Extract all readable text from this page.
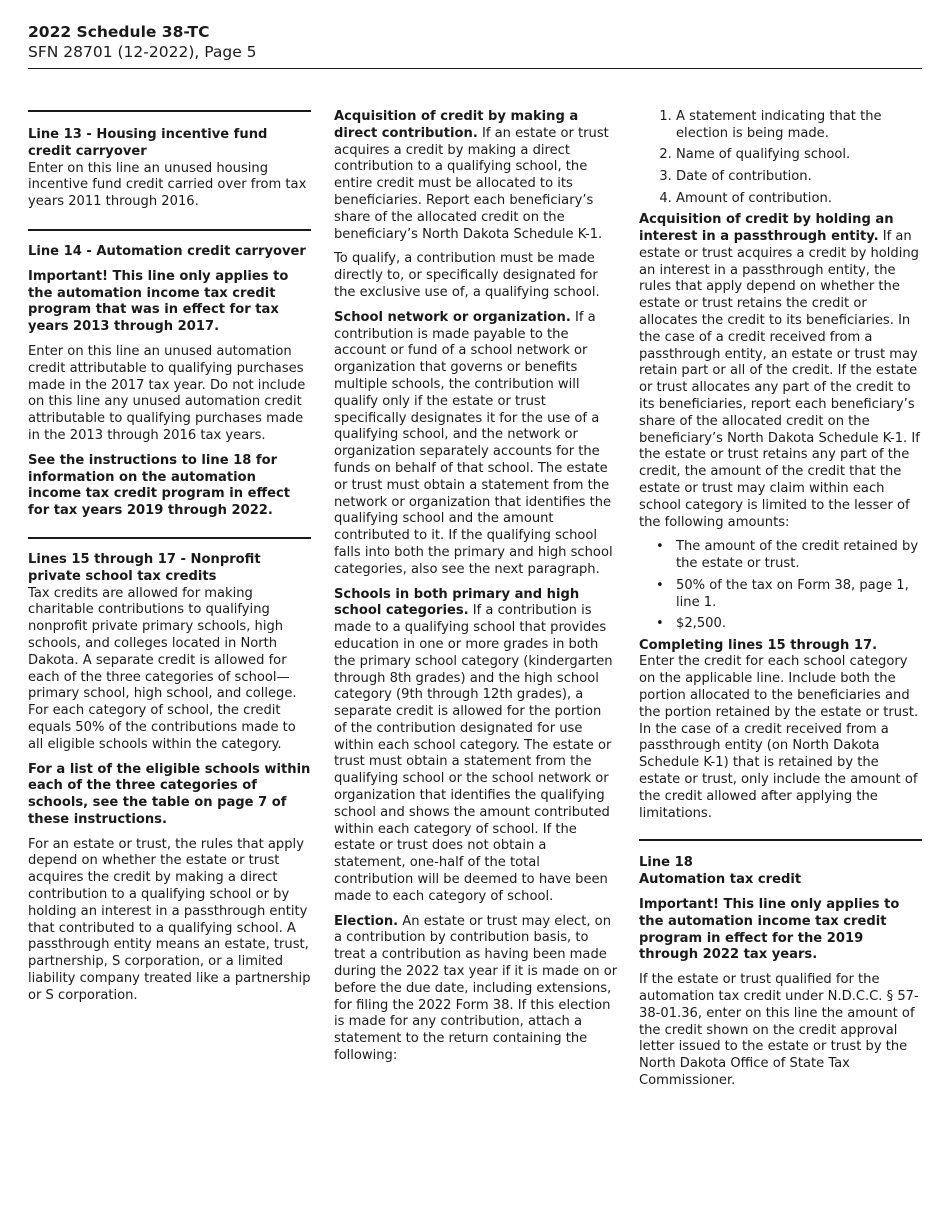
2022 Schedule 38-TC

SFN 28701 (12-2022), Page 5

Line 13 - Housing incentive fund credit carryover

Enter on this line an unused housing incentive fund credit carried over from tax years 2011 through 2016.

Line 14 - Automation credit carryover

Important! This line only applies to the automation income tax credit program that was in effect for tax years 2013 through 2017.

Enter on this line an unused automation credit attributable to qualifying purchases made in the 2017 tax year. Do not include on this line any unused automation credit attributable to qualifying purchases made in the 2013 through 2016 tax years.

See the instructions to line 18 for information on the automation income tax credit program in effect for tax years 2019 through 2022.

Lines 15 through 17 - Nonprofit private school tax credits

Tax credits are allowed for making charitable contributions to qualifying nonprofit private primary schools, high schools, and colleges located in North Dakota. A separate credit is allowed for each of the three categories of school—primary school, high school, and college. For each category of school, the credit equals 50% of the contributions made to all eligible schools within the category.

For a list of the eligible schools within each of the three categories of schools, see the table on page 7 of these instructions.

For an estate or trust, the rules that apply depend on whether the estate or trust acquires the credit by making a direct contribution to a qualifying school or by holding an interest in a passthrough entity that contributed to a qualifying school. A passthrough entity means an estate, trust, partnership, S corporation, or a limited liability company treated like a partnership or S corporation.

Acquisition of credit by making a direct contribution. If an estate or trust acquires a credit by making a direct contribution to a qualifying school, the entire credit must be allocated to its beneficiaries. Report each beneficiary’s share of the allocated credit on the beneficiary’s North Dakota Schedule K-1.

To qualify, a contribution must be made directly to, or specifically designated for the exclusive use of, a qualifying school.

School network or organization. If a contribution is made payable to the account or fund of a school network or organization that governs or benefits multiple schools, the contribution will qualify only if the estate or trust specifically designates it for the use of a qualifying school, and the network or organization separately accounts for the funds on behalf of that school. The estate or trust must obtain a statement from the network or organization that identifies the qualifying school and the amount contributed to it. If the qualifying school falls into both the primary and high school categories, also see the next paragraph.

Schools in both primary and high school categories. If a contribution is made to a qualifying school that provides education in one or more grades in both the primary school category (kindergarten through 8th grades) and the high school category (9th through 12th grades), a separate credit is allowed for the portion of the contribution designated for use within each school category. The estate or trust must obtain a statement from the qualifying school or the school network or organization that identifies the qualifying school and shows the amount contributed within each category of school. If the estate or trust does not obtain a statement, one-half of the total contribution will be deemed to have been made to each category of school.

Election. An estate or trust may elect, on a contribution by contribution basis, to treat a contribution as having been made during the 2022 tax year if it is made on or before the due date, including extensions, for filing the 2022 Form 38. If this election is made for any contribution, attach a statement to the return containing the following:

1. A statement indicating that the election is being made.
2. Name of qualifying school.
3. Date of contribution.
4. Amount of contribution.

Acquisition of credit by holding an interest in a passthrough entity. If an estate or trust acquires a credit by holding an interest in a passthrough entity, the rules that apply depend on whether the estate or trust retains the credit or allocates the credit to its beneficiaries. In the case of a credit received from a passthrough entity, an estate or trust may retain part or all of the credit. If the estate or trust allocates any part of the credit to its beneficiaries, report each beneficiary’s share of the allocated credit on the beneficiary’s North Dakota Schedule K-1. If the estate or trust retains any part of the credit, the amount of the credit that the estate or trust may claim within each school category is limited to the lesser of the following amounts:

• The amount of the credit retained by the estate or trust.
• 50% of the tax on Form 38, page 1, line 1.
• $2,500.

Completing lines 15 through 17.

Enter the credit for each school category on the applicable line. Include both the portion allocated to the beneficiaries and the portion retained by the estate or trust. In the case of a credit received from a passthrough entity (on North Dakota Schedule K-1) that is retained by the estate or trust, only include the amount of the credit allowed after applying the limitations.

Line 18

Automation tax credit

Important! This line only applies to the automation income tax credit program in effect for the 2019 through 2022 tax years.

If the estate or trust qualified for the automation tax credit under N.D.C.C. § 57-38-01.36, enter on this line the amount of the credit shown on the credit approval letter issued to the estate or trust by the North Dakota Office of State Tax Commissioner.
